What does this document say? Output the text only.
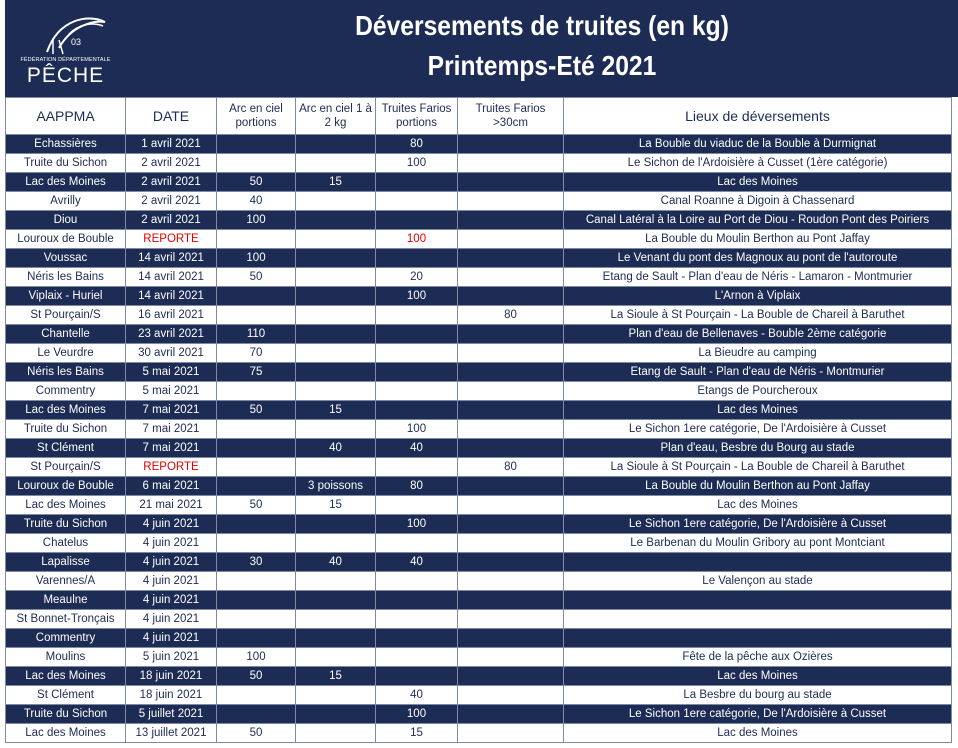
03
FÉDÉRATION DÉPARTEMENTALE
PÊCHE
Déversements de truites (en kg)
Printemps-Eté 2021
AAPPMA	DATE	Arc en ciel portions	Arc en ciel 1 à 2 kg	Truites Farios portions	Truites Farios >30cm	Lieux de déversements
Echassières	1 avril 2021			80		La Bouble du viaduc de la Bouble à Durmignat
Truite du Sichon	2 avril 2021			100		Le Sichon de l'Ardoisière à Cusset (1ère catégorie)
Lac des Moines	2 avril 2021	50	15			Lac des Moines
Avrilly	2 avril 2021	40				Canal Roanne à Digoin à Chassenard
Diou	2 avril 2021	100				Canal Latéral à la Loire au Port de Diou - Roudon Pont des Poiriers
Louroux de Bouble	REPORTE			100		La Bouble du Moulin Berthon au Pont Jaffay
Voussac	14 avril 2021	100				Le Venant du pont des Magnoux au pont de l'autoroute
Néris les Bains	14 avril 2021	50		20		Etang de Sault - Plan d'eau de Néris - Lamaron - Montmurier
Viplaix - Huriel	14 avril 2021			100		L'Arnon à Viplaix
St Pourçain/S	16 avril 2021				80	La Sioule à St Pourçain - La Bouble de Chareil à Baruthet
Chantelle	23 avril 2021	110				Plan d'eau de Bellenaves - Bouble 2ème catégorie
Le Veurdre	30 avril 2021	70				La Bieudre au camping
Néris les Bains	5 mai 2021	75				Etang de Sault - Plan d'eau de Néris - Montmurier
Commentry	5 mai 2021					Etangs de Pourcheroux
Lac des Moines	7 mai 2021	50	15			Lac des Moines
Truite du Sichon	7 mai 2021			100		Le Sichon 1ere catégorie, De l'Ardoisière à Cusset
St Clément	7 mai 2021		40	40		Plan d'eau, Besbre du Bourg au stade
St Pourçain/S	REPORTE				80	La Sioule à St Pourçain - La Bouble de Chareil à Baruthet
Louroux de Bouble	6 mai 2021		3 poissons	80		La Bouble du Moulin Berthon au Pont Jaffay
Lac des Moines	21 mai 2021	50	15			Lac des Moines
Truite du Sichon	4 juin 2021			100		Le Sichon 1ere catégorie, De l'Ardoisière à Cusset
Chatelus	4 juin 2021					Le Barbenan du Moulin Gribory au pont Montciant
Lapalisse	4 juin 2021	30	40	40		
Varennes/A	4 juin 2021					Le Valençon au stade
Meaulne	4 juin 2021					
St Bonnet-Tronçais	4 juin 2021					
Commentry	4 juin 2021					
Moulins	5 juin 2021	100				Fête de la pêche aux Ozières
Lac des Moines	18 juin 2021	50	15			Lac des Moines
St Clément	18 juin 2021			40		La Besbre du bourg au stade
Truite du Sichon	5 juillet 2021			100		Le Sichon 1ere catégorie, De l'Ardoisière à Cusset
Lac des Moines	13 juillet 2021	50		15		Lac des Moines
